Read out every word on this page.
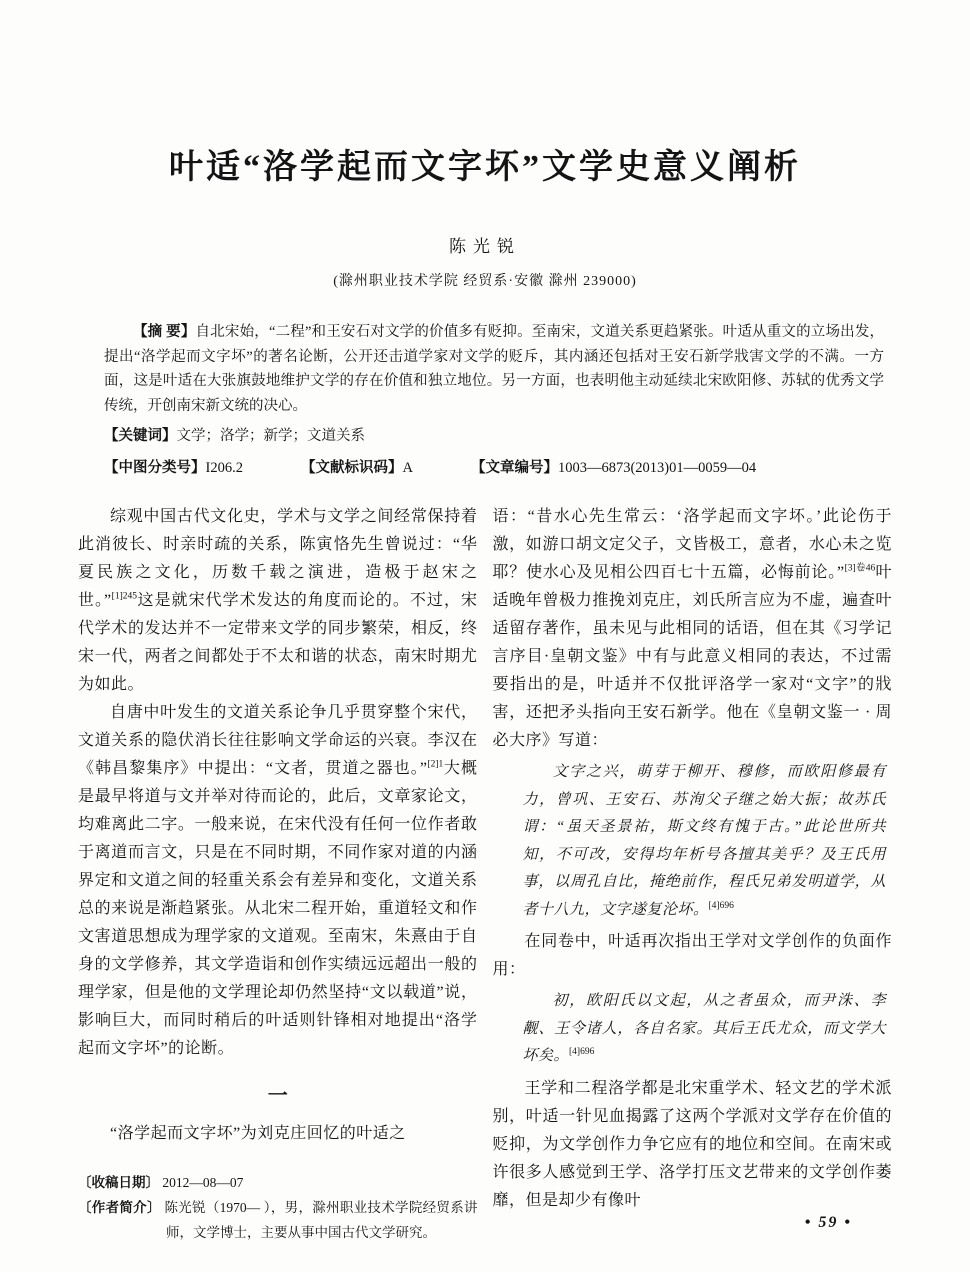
叶适“洛学起而文字坏”文学史意义阐析
陈光锐
(滁州职业技术学院 经贸系·安徽 滁州 239000)

【摘 要】自北宋始，“二程”和王安石对文学的价值多有贬抑。至南宋，文道关系更趋紧张。叶适从重文的立场出发，提出“洛学起而文字坏”的著名论断，公开还击道学家对文学的贬斥，其内涵还包括对王安石新学戕害文学的不满。一方面，这是叶适在大张旗鼓地维护文学的存在价值和独立地位。另一方面，也表明他主动延续北宋欧阳修、苏轼的优秀文学传统，开创南宋新文统的决心。

【关键词】文学；洛学；新学；文道关系

【中图分类号】I206.2	【文献标识码】A	【文章编号】1003—6873(2013)01—0059—04

综观中国古代文化史，学术与文学之间经常保持着此消彼长、时亲时疏的关系，陈寅恪先生曾说过：“华夏民族之文化，历数千载之演进，造极于赵宋之世。”$^{[1]245}$这是就宋代学术发达的角度而论的。不过，宋代学术的发达并不一定带来文学的同步繁荣，相反，终宋一代，两者之间都处于不太和谐的状态，南宋时期尤为如此。

自唐中叶发生的文道关系论争几乎贯穿整个宋代，文道关系的隐伏消长往往影响文学命运的兴衰。李汉在《韩昌黎集序》中提出：“文者，贯道之器也。”$^{[2]1}$大概是最早将道与文并举对待而论的，此后，文章家论文，均难离此二字。一般来说，在宋代没有任何一位作者敢于离道而言文，只是在不同时期，不同作家对道的内涵界定和文道之间的轻重关系会有差异和变化，文道关系总的来说是渐趋紧张。从北宋二程开始，重道轻文和作文害道思想成为理学家的文道观。至南宋，朱熹由于自身的文学修养，其文学造诣和创作实绩远远超出一般的理学家，但是他的文学理论却仍然坚持“文以载道”说，影响巨大，而同时稍后的叶适则针锋相对地提出“洛学起而文字坏”的论断。

一

“洛学起而文字坏”为刘克庄回忆的叶适之

〔收稿日期〕 2012—08—07

〔作者简介〕 陈光锐（1970— ），男，滁州职业技术学院经贸系讲师，文学博士，主要从事中国古代文学研究。

语：“昔水心先生常云：‘洛学起而文字坏。’此论伤于激，如游口胡文定父子，文皆极工，意者，水心未之览耶？使水心及见相公四百七十五篇，必悔前论。”$^{[3]卷46}$叶适晚年曾极力推挽刘克庄，刘氏所言应为不虚，遍查叶适留存著作，虽未见与此相同的话语，但在其《习学记言序目·皇朝文鉴》中有与此意义相同的表达，不过需要指出的是，叶适并不仅批评洛学一家对“文字”的戕害，还把矛头指向王安石新学。他在《皇朝文鉴一 · 周必大序》写道：

文字之兴，萌芽于柳开、穆修，而欧阳修最有力，曾巩、王安石、苏洵父子继之始大振；故苏氏谓：“虽天圣景祐，斯文终有愧于古。”此论世所共知，不可改，安得均年析号各擅其美乎？及王氏用事，以周孔自比，掩绝前作，程氏兄弟发明道学，从者十八九，文字遂复沦坏。$^{[4]696}$

在同卷中，叶适再次指出王学对文学创作的负面作用：

初，欧阳氏以文起，从之者虽众，而尹洙、李觏、王令诸人，各自名家。其后王氏尤众，而文学大坏矣。$^{[4]696}$

王学和二程洛学都是北宋重学术、轻文艺的学术派别，叶适一针见血揭露了这两个学派对文学存在价值的贬抑，为文学创作力争它应有的地位和空间。在南宋或许很多人感觉到王学、洛学打压文艺带来的文学创作萎靡，但是却少有像叶

• 59 •
